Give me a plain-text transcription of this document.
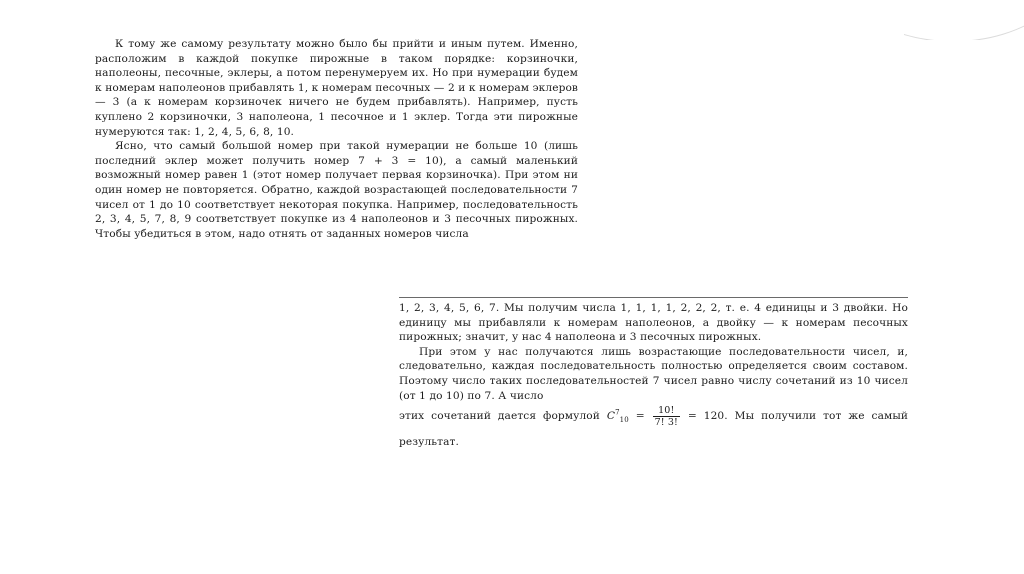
К тому же самому результату можно было бы прийти и иным путем. Именно, расположим в каждой покупке пирожные в таком порядке: корзиночки, наполеоны, песочные, эклеры, а потом перенумеруем их. Но при нумерации будем к номерам наполеонов прибавлять 1, к номерам песочных — 2 и к номерам эклеров — 3 (а к номерам корзиночек ничего не будем прибавлять). Например, пусть куплено 2 корзиночки, 3 наполеона, 1 песочное и 1 эклер. Тогда эти пирожные нумеруются так: 1, 2, 4, 5, 6, 8, 10.

Ясно, что самый большой номер при такой нумерации не больше 10 (лишь последний эклер может получить номер 7 + 3 = 10), а самый маленький возможный номер равен 1 (этот номер получает первая корзиночка). При этом ни один номер не повторяется. Обратно, каждой возрастающей последовательности 7 чисел от 1 до 10 соответствует некоторая покупка. Например, последовательность 2, 3, 4, 5, 7, 8, 9 соответствует покупке из 4 наполеонов и 3 песочных пирожных. Чтобы убедиться в этом, надо отнять от заданных номеров числа

1, 2, 3, 4, 5, 6, 7. Мы получим числа 1, 1, 1, 1, 2, 2, 2, т. е. 4 единицы и 3 двойки. Но единицу мы прибавляли к номерам наполеонов, а двойку — к номерам песочных пирожных; значит, у нас 4 наполеона и 3 песочных пирожных.

При этом у нас получаются лишь возрастающие последовательности чисел, и, следовательно, каждая последовательность полностью определяется своим составом. Поэтому число таких последовательностей 7 чисел равно числу сочетаний из 10 чисел (от 1 до 10) по 7. А число

этих сочетаний дается формулой $C^7_{10} = \frac{10!}{7! 3!} = 120$. Мы получили тот же самый результат.
